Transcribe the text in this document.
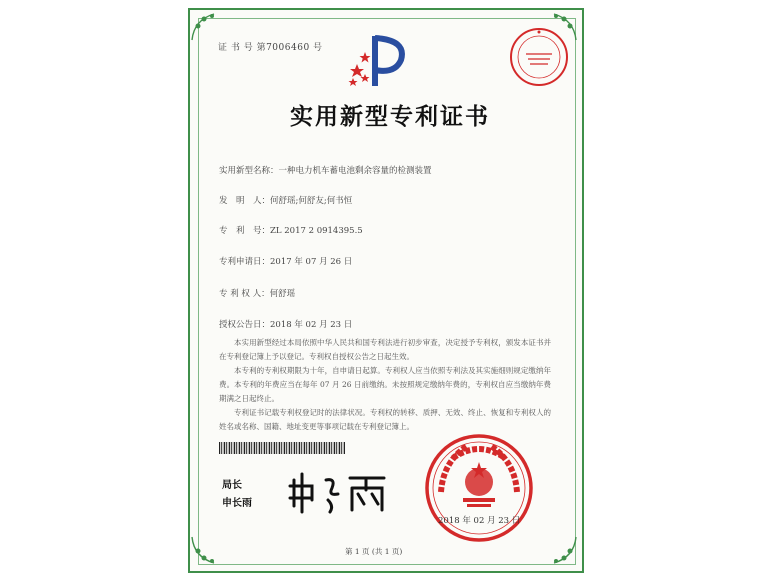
证 书 号 第7006460 号
实用新型专利证书
实用新型名称：一种电力机车蓄电池剩余容量的检测装置
发　明　人：何舒瑶;何舒友;何书恒
专　利　号：ZL 2017 2 0914395.5
专利申请日：2017 年 07 月 26 日
专 利 权 人：何舒瑶
授权公告日：2018 年 02 月 23 日
本实用新型经过本局依照中华人民共和国专利法进行初步审查，决定授予专利权，颁发本证书并在专利登记簿上予以登记。专利权自授权公告之日起生效。
本专利的专利权期限为十年，自申请日起算。专利权人应当依照专利法及其实施细则规定缴纳年费。本专利的年费应当在每年 07 月 26 日前缴纳。未按照规定缴纳年费的，专利权自应当缴纳年费期满之日起终止。
专利证书记载专利权登记时的法律状况。专利权的转移、质押、无效、终止、恢复和专利权人的姓名或名称、国籍、地址变更等事项记载在专利登记簿上。
局长
申长雨
2018 年 02 月 23 日
第 1 页 (共 1 页)
